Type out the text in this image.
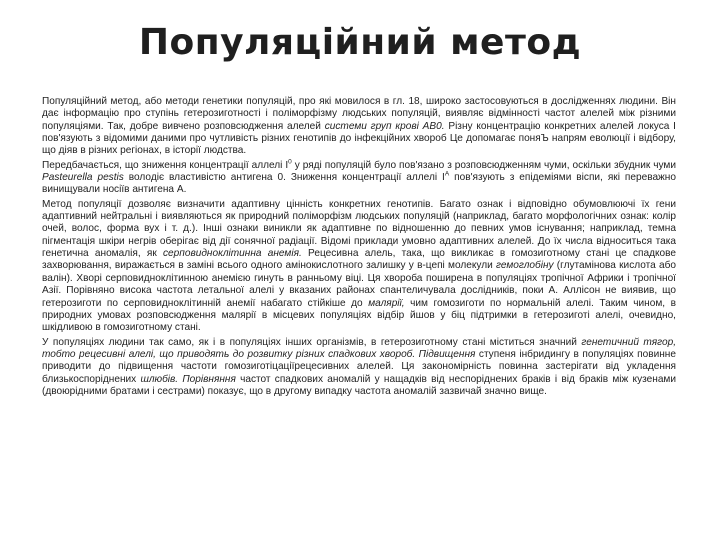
Популяційний метод

Популяційний метод, або методи генетики популяцій, про які мовилося в гл. 18, широко застосовуються в дослідженнях людини. Він дає інформацію про ступінь гетерозиготності і поліморфізму людських популяцій, виявляє відмінності частот алелей між різними популяціями. Так, добре вивчено розповсюдження алелей системи груп крові АВ0. Різну концентрацію конкретних алелей локуса I пов'язують з відомими даними про чутливість різних генотипів до інфекційних хвороб Це допомагає поняЪ напрям еволюції і відбору, що діяв в різних регіонах, в історії людства.

Передбачається, що зниження концентрації аллелі $I^0$ у ряді популяцій було пов'язано з розповсюдженням чуми, оскільки збудник чуми Pasteurella pestis володіє властивістю антигена 0. Зниження концентрації аллелі $I^A$ пов'язують з епідеміями віспи, які переважно винищували носіїв антигена А.

Метод популяції дозволяє визначити адаптивну цінність конкретних генотипів. Багато ознак і відповідно обумовлюючі їх гени адаптивний нейтральні і виявляються як природний поліморфізм людських популяцій (наприклад, багато морфологічних ознак: колір очей, волос, форма вух і т. д.). Інші ознаки виникли як адаптивне по відношенню до певних умов існування; наприклад, темна пігментація шкіри негрів оберігає від дії сонячної радіації. Відомі приклади умовно адаптивних алелей. До їх числа відноситься така генетична аномалія, як серповидноклітинна анемія. Рецесивна алель, така, що викликає в гомозиготному стані це спадкове захворювання, виражається в заміні всього одного амінокислотного залишку у в-цепі молекули гемоглобіну (глутамінова кислота або валін). Хворі серповидноклітинною анемією гинуть в ранньому віці. Ця хвороба поширена в популяціях тропічної Африки і тропічної Азії. Порівняно висока частота летальної алелі у вказаних районах спантеличувала дослідників, поки А. Аллісон не виявив, що гетерозиготи по серповидноклітинній анемії набагато стійкіше до малярії, чим гомозиготи по нормальній алелі. Таким чином, в природних умовах розповсюдження малярії в місцевих популяціях відбір йшов у біц підтримки в гетерозиготі алелі, очевидно, шкідливою в гомозиготному стані.

У популяціях людини так само, як і в популяціях інших організмів, в гетерозиготному стані міститься значний генетичний тягор, тобто рецесивні алелі, що приводять до розвитку різних спадкових хвороб. Підвищення ступеня інбридингу в популяціях повинне приводити до підвищення частоти гомозиготіцаціїрецесивних алелей. Ця закономірність повинна застерігати від укладення близькоспоріднених шлюбів. Порівняння частот спадкових аномалій у нащадків від неспоріднених браків і від браків між кузенами (двоюрідними братами і сестрами) показує, що в другому випадку частота аномалій зазвичай значно вище.
